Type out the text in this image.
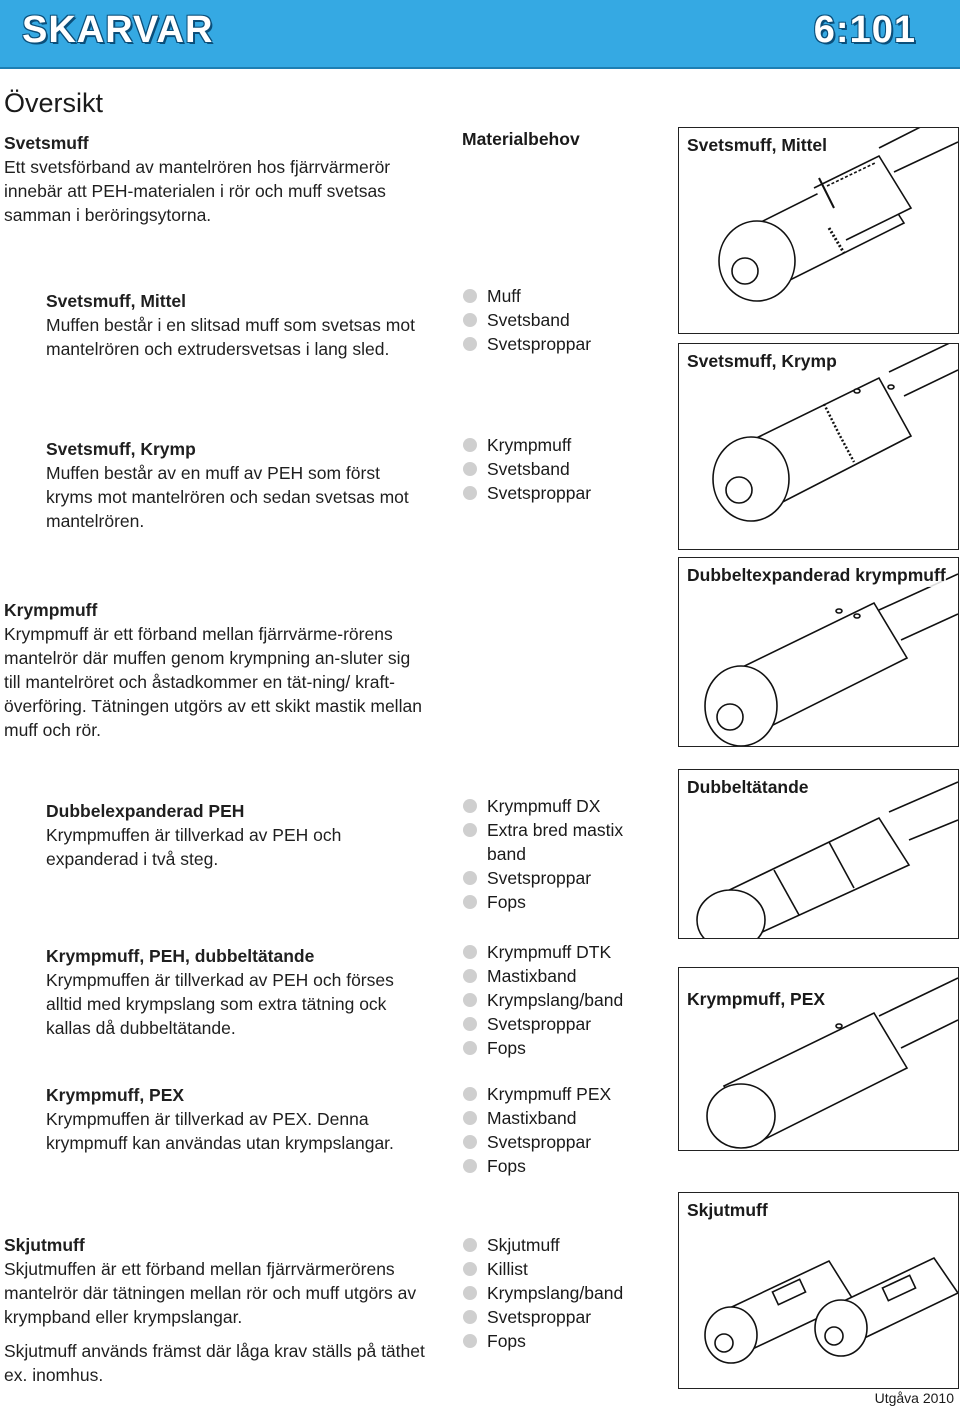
SKARVAR	6:101
Översikt
Svetsmuff
Ett svetsförband av mantelrören hos fjärrvärmerör innebär att PEH-materialen i rör och muff svetsas samman i beröringsytorna.
Svetsmuff, Mittel
Muffen består i en slitsad muff som svetsas mot mantelrören och extrudersvetsas i lang sled.
Svetsmuff, Krymp
Muffen består av en muff av PEH som först kryms mot mantelrören och sedan svetsas mot mantelrören.
Krympmuff
Krympmuff är ett förband mellan fjärrvärme-rörens mantelrör där muffen genom krympning an-sluter sig till mantelröret och åstadkommer en tät-ning/ kraft-överföring. Tätningen utgörs av ett skikt mastik mellan muff och rör.
Dubbelexpanderad PEH
Krympmuffen är tillverkad av PEH och expanderad i två steg.
Krympmuff, PEH, dubbeltätande
Krympmuffen är tillverkad av PEH och förses alltid med krympslang som extra tätning ock kallas då dubbeltätande.
Krympmuff, PEX
Krympmuffen är tillverkad av PEX. Denna krympmuff kan användas utan krympslangar.
Skjutmuff
Skjutmuffen är ett förband mellan fjärrvärmerörens mantelrör där tätningen mellan rör och muff utgörs av krympband eller krympslangar.
Skjutmuff används främst där låga krav ställs på täthet ex. inomhus.
Materialbehov
Muff
Svetsband
Svetsproppar
Krympmuff
Svetsband
Svetsproppar
Krympmuff DX
Extra bred mastix band
Svetsproppar
Fops
Krympmuff DTK
Mastixband
Krympslang/band
Svetsproppar
Fops
Krympmuff PEX
Mastixband
Svetsproppar
Fops
Skjutmuff
Killist
Krympslang/band
Svetsproppar
Fops
Svetsmuff, Mittel
Svetsmuff, Krymp
Dubbeltexpanderad krympmuff
Dubbeltätande
Krympmuff, PEX
Skjutmuff
Utgåva 2010
